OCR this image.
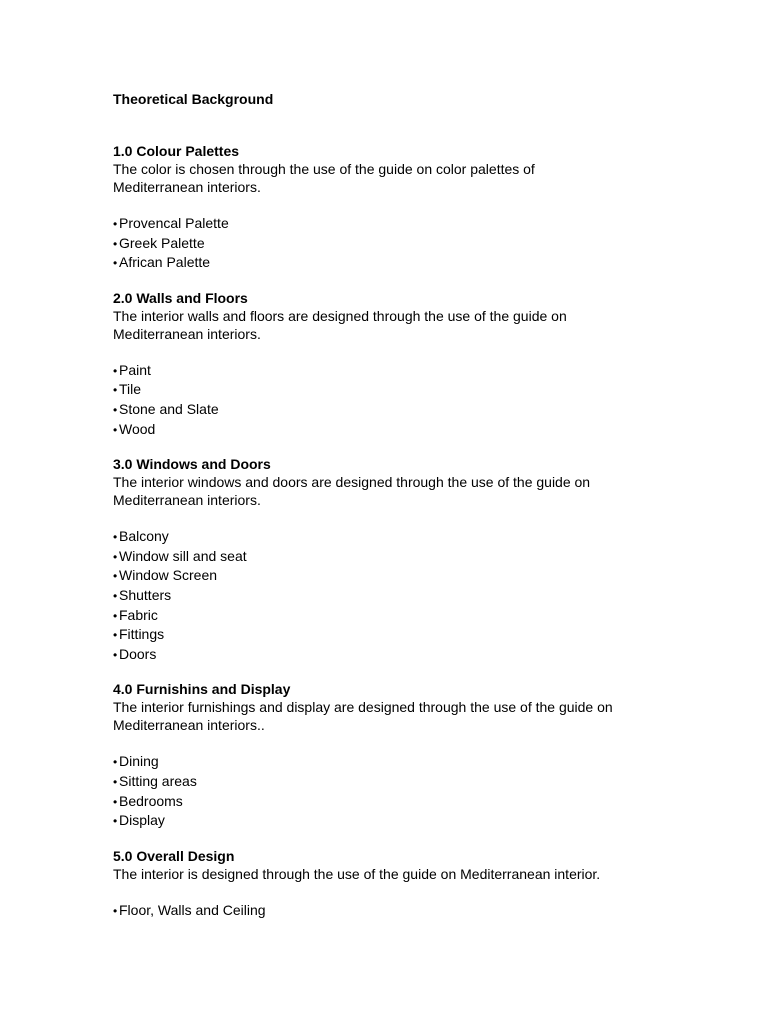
Theoretical Background

1.0 Colour Palettes

The color is chosen through the use of the guide on color palettes of
Mediterranean interiors.

• Provencal Palette
• Greek Palette
• African Palette

2.0 Walls and Floors

The interior walls and floors are designed through the use of the guide on
Mediterranean interiors.

• Paint
• Tile
• Stone and Slate
• Wood

3.0 Windows and Doors

The interior windows and doors are designed through the use of the guide on
Mediterranean interiors.

• Balcony
• Window sill and seat
• Window Screen
• Shutters
• Fabric
• Fittings
• Doors

4.0 Furnishins and Display

The interior furnishings and display are designed through the use of the guide on
Mediterranean interiors..

• Dining
• Sitting areas
• Bedrooms
• Display

5.0 Overall Design

The interior is designed through the use of the guide on Mediterranean interior.

• Floor, Walls and Ceiling
